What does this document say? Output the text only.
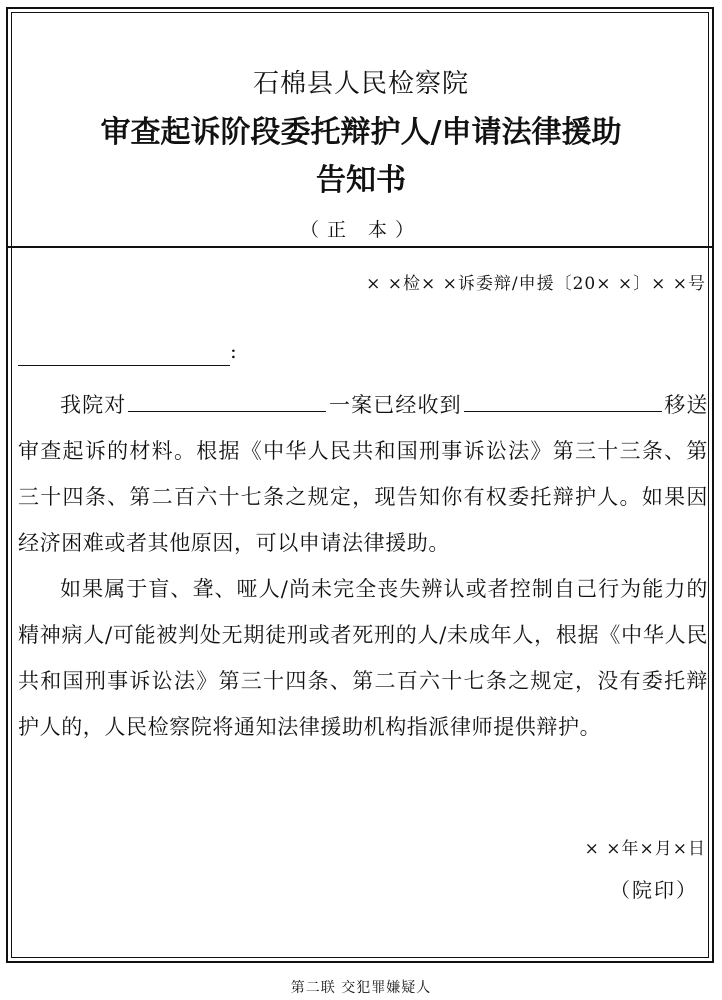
石棉县人民检察院
审查起诉阶段委托辩护人/申请法律援助
告知书
（正 本）
× ×检× ×诉委辩/申援〔20× ×〕× ×号
:

我院对	一案已经收到	移送审查起诉的材料。根据《中华人民共和国刑事诉讼法》第三十三条、第三十四条、第二百六十七条之规定，现告知你有权委托辩护人。如果因经济困难或者其他原因，可以申请法律援助。

如果属于盲、聋、哑人/尚未完全丧失辨认或者控制自己行为能力的精神病人/可能被判处无期徒刑或者死刑的人/未成年人，根据《中华人民共和国刑事诉讼法》第三十四条、第二百六十七条之规定，没有委托辩护人的，人民检察院将通知法律援助机构指派律师提供辩护。

× ×年×月×日
（院印）
第二联 交犯罪嫌疑人
